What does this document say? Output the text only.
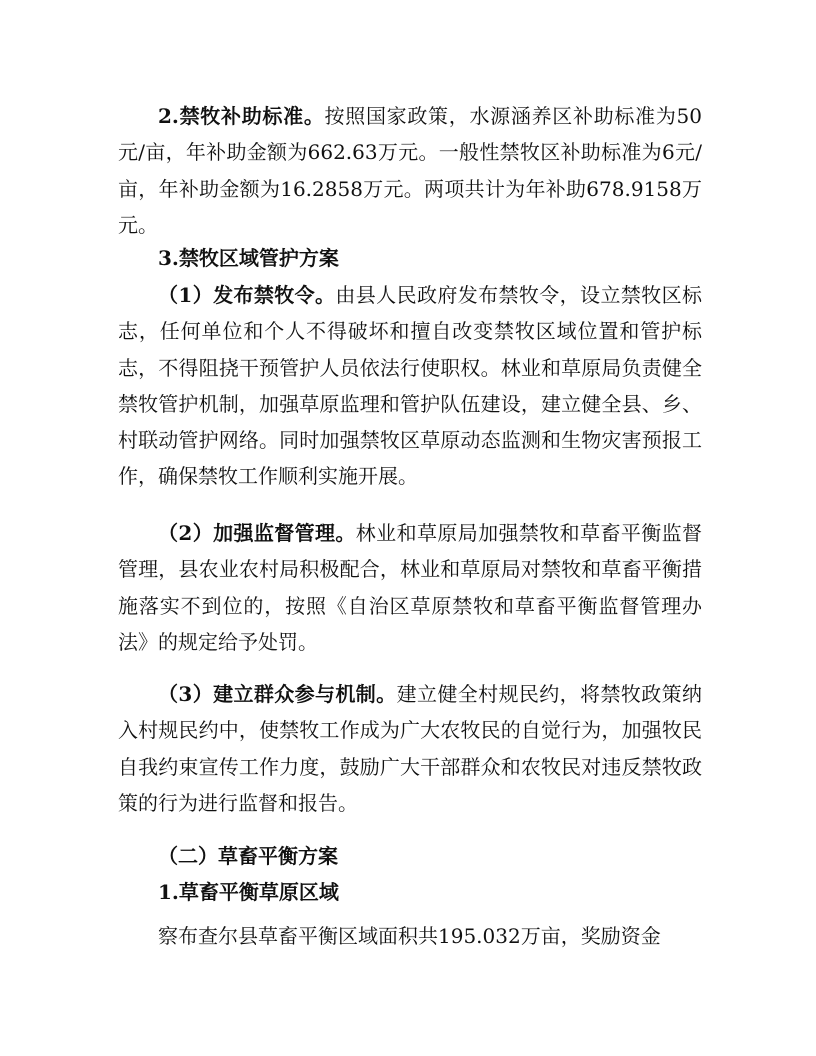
2.禁牧补助标准。按照国家政策，水源涵养区补助标准为50元/亩，年补助金额为662.63万元。一般性禁牧区补助标准为6元/亩，年补助金额为16.2858万元。两项共计为年补助678.9158万元。

3.禁牧区域管护方案

（1）发布禁牧令。由县人民政府发布禁牧令，设立禁牧区标志，任何单位和个人不得破坏和擅自改变禁牧区域位置和管护标志，不得阻挠干预管护人员依法行使职权。林业和草原局负责健全禁牧管护机制，加强草原监理和管护队伍建设，建立健全县、乡、村联动管护网络。同时加强禁牧区草原动态监测和生物灾害预报工作，确保禁牧工作顺利实施开展。

（2）加强监督管理。林业和草原局加强禁牧和草畜平衡监督管理，县农业农村局积极配合，林业和草原局对禁牧和草畜平衡措施落实不到位的，按照《自治区草原禁牧和草畜平衡监督管理办法》的规定给予处罚。

（3）建立群众参与机制。建立健全村规民约，将禁牧政策纳入村规民约中，使禁牧工作成为广大农牧民的自觉行为，加强牧民自我约束宣传工作力度，鼓励广大干部群众和农牧民对违反禁牧政策的行为进行监督和报告。

（二）草畜平衡方案

1.草畜平衡草原区域

察布查尔县草畜平衡区域面积共195.032万亩，奖励资金
